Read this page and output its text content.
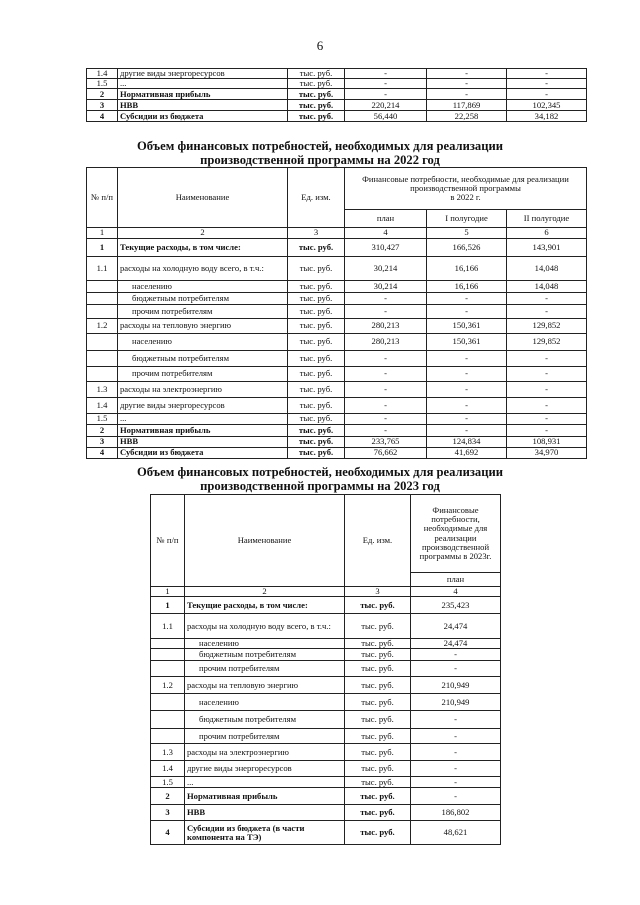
6
1.4	другие виды энергоресурсов	тыс. руб.	-	-	-
1.5	...	тыс. руб.	-	-	-
2	Нормативная прибыль	тыс. руб.	-	-	-
3	НВВ	тыс. руб.	220,214	117,869	102,345
4	Субсидии из бюджета	тыс. руб.	56,440	22,258	34,182
Объем финансовых потребностей, необходимых для реализации
производственной программы на 2022 год
№ п/п	Наименование	Ед. изм.	Финансовые потребности, необходимые для реализации производственной программы
в 2022 г.		

			план	I полугодие	II полугодие
1	2	3	4	5	6
1	Текущие расходы, в том числе:	тыс. руб.	310,427	166,526	143,901
1.1	расходы на холодную воду всего, в т.ч.:	тыс. руб.	30,214	16,166	14,048
	населению	тыс. руб.	30,214	16,166	14,048
	бюджетным потребителям	тыс. руб.	-	-	-
	прочим потребителям	тыс. руб.	-	-	-
1.2	расходы на тепловую энергию	тыс. руб.	280,213	150,361	129,852
	населению	тыс. руб.	280,213	150,361	129,852
	бюджетным потребителям	тыс. руб.	-	-	-
	прочим потребителям	тыс. руб.	-	-	-
1.3	расходы на электроэнергию	тыс. руб.	-	-	-
1.4	другие виды энергоресурсов	тыс. руб.	-	-	-
1.5	...	тыс. руб.	-	-	-
2	Нормативная прибыль	тыс. руб.	-	-	-
3	НВВ	тыс. руб.	233,765	124,834	108,931
4	Субсидии из бюджета	тыс. руб.	76,662	41,692	34,970
Объем финансовых потребностей, необходимых для реализации
производственной программы на 2023 год
№ п/п	Наименование	Ед. изм.	Финансовые потребности, необходимые для реализации производственной программы в 2023г.
			план
1	2	3	4
1	Текущие расходы, в том числе:	тыс. руб.	235,423
1.1	расходы на холодную воду всего, в т.ч.:	тыс. руб.	24,474
	населению	тыс. руб.	24,474
	бюджетным потребителям	тыс. руб.	-
	прочим потребителям	тыс. руб.	-
1.2	расходы на тепловую энергию	тыс. руб.	210,949
	населению	тыс. руб.	210,949
	бюджетным потребителям	тыс. руб.	-
	прочим потребителям	тыс. руб.	-
1.3	расходы на электроэнергию	тыс. руб.	-
1.4	другие виды энергоресурсов	тыс. руб.	-
1.5	...	тыс. руб.	-
2	Нормативная прибыль	тыс. руб.	-
3	НВВ	тыс. руб.	186,802
4	Субсидии из бюджета (в части компонента на ТЭ)	тыс. руб.	48,621
